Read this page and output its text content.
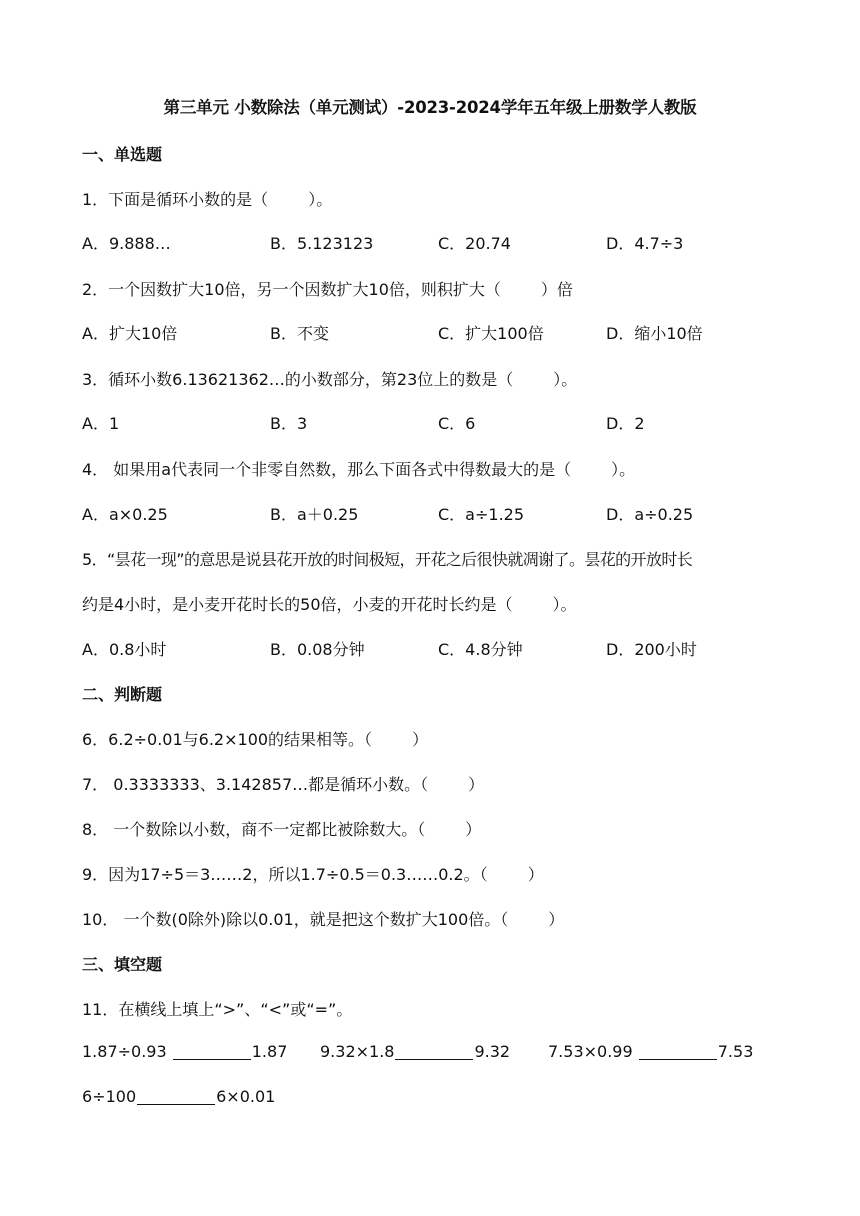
第三单元 小数除法（单元测试）-2023-2024学年五年级上册数学人教版
一、单选题
1．下面是循环小数的是（	）。
A．9.888…	B．5.123123	C．20.74	D．4.7÷3
2．一个因数扩大10倍，另一个因数扩大10倍，则积扩大（	）倍
A．扩大10倍	B．不变	C．扩大100倍	D．缩小10倍
3．循环小数6.13621362…的小数部分，第23位上的数是（	）。
A．1	B．3	C．6	D．2
4． 如果用a代表同一个非零自然数，那么下面各式中得数最大的是（	）。
A．a×0.25	B．a＋0.25	C．a÷1.25	D．a÷0.25
5．“昙花一现”的意思是说县花开放的时间极短，开花之后很快就凋谢了。昙花的开放时长
约是4小时，是小麦开花时长的50倍，小麦的开花时长约是（	）。
A．0.8小时	B．0.08分钟	C．4.8分钟	D．200小时
二、判断题
6．6.2÷0.01与6.2×100的结果相等。（	）
7． 0.3333333、3.142857…都是循环小数。（	）
8． 一个数除以小数，商不一定都比被除数大。（	）
9．因为17÷5＝3……2，所以1.7÷0.5＝0.3……0.2。（	）
10． 一个数(0除外)除以0.01，就是把这个数扩大100倍。（	）
三、填空题
11．在横线上填上“>”、“<”或“=”。
1.87÷0.93	1.87 9.32×1.8	9.32 7.53×0.99	7.53
6÷100	6×0.01
